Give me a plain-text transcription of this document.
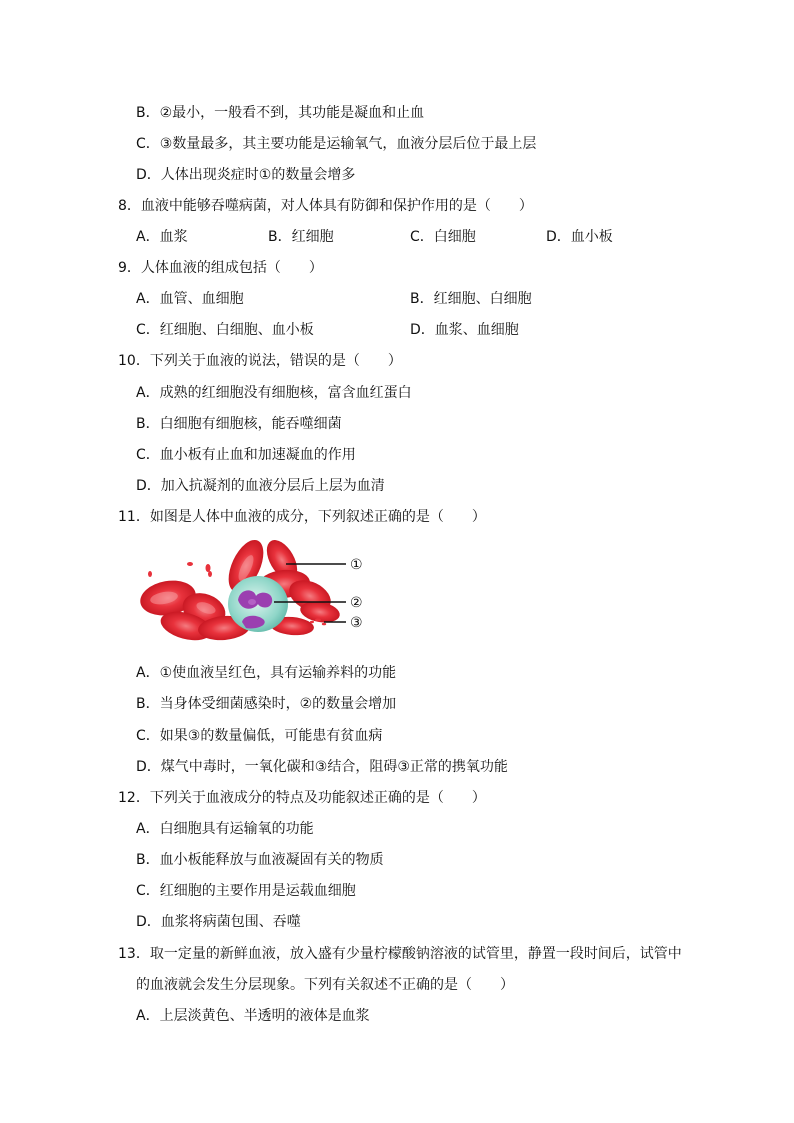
B．②最小，一般看不到，其功能是凝血和止血
C．③数量最多，其主要功能是运输氧气，血液分层后位于最上层
D．人体出现炎症时①的数量会增多
8．血液中能够吞噬病菌，对人体具有防御和保护作用的是（　　）
A．血浆	B．红细胞	C．白细胞	D．血小板
9．人体血液的组成包括（　　）
A．血管、血细胞	B．红细胞、白细胞
C．红细胞、白细胞、血小板	D．血浆、血细胞
10．下列关于血液的说法，错误的是（　　）
A．成熟的红细胞没有细胞核，富含血红蛋白
B．白细胞有细胞核，能吞噬细菌
C．血小板有止血和加速凝血的作用
D．加入抗凝剂的血液分层后上层为血清
11．如图是人体中血液的成分，下列叙述正确的是（　　）
①
②
③
A．①使血液呈红色，具有运输养料的功能
B．当身体受细菌感染时，②的数量会增加
C．如果③的数量偏低，可能患有贫血病
D．煤气中毒时，一氧化碳和③结合，阻碍③正常的携氧功能
12．下列关于血液成分的特点及功能叙述正确的是（　　）
A．白细胞具有运输氧的功能
B．血小板能释放与血液凝固有关的物质
C．红细胞的主要作用是运载血细胞
D．血浆将病菌包围、吞噬
13．取一定量的新鲜血液，放入盛有少量柠檬酸钠溶液的试管里，静置一段时间后，试管中
的血液就会发生分层现象。下列有关叙述不正确的是（　　）
A．上层淡黄色、半透明的液体是血浆
